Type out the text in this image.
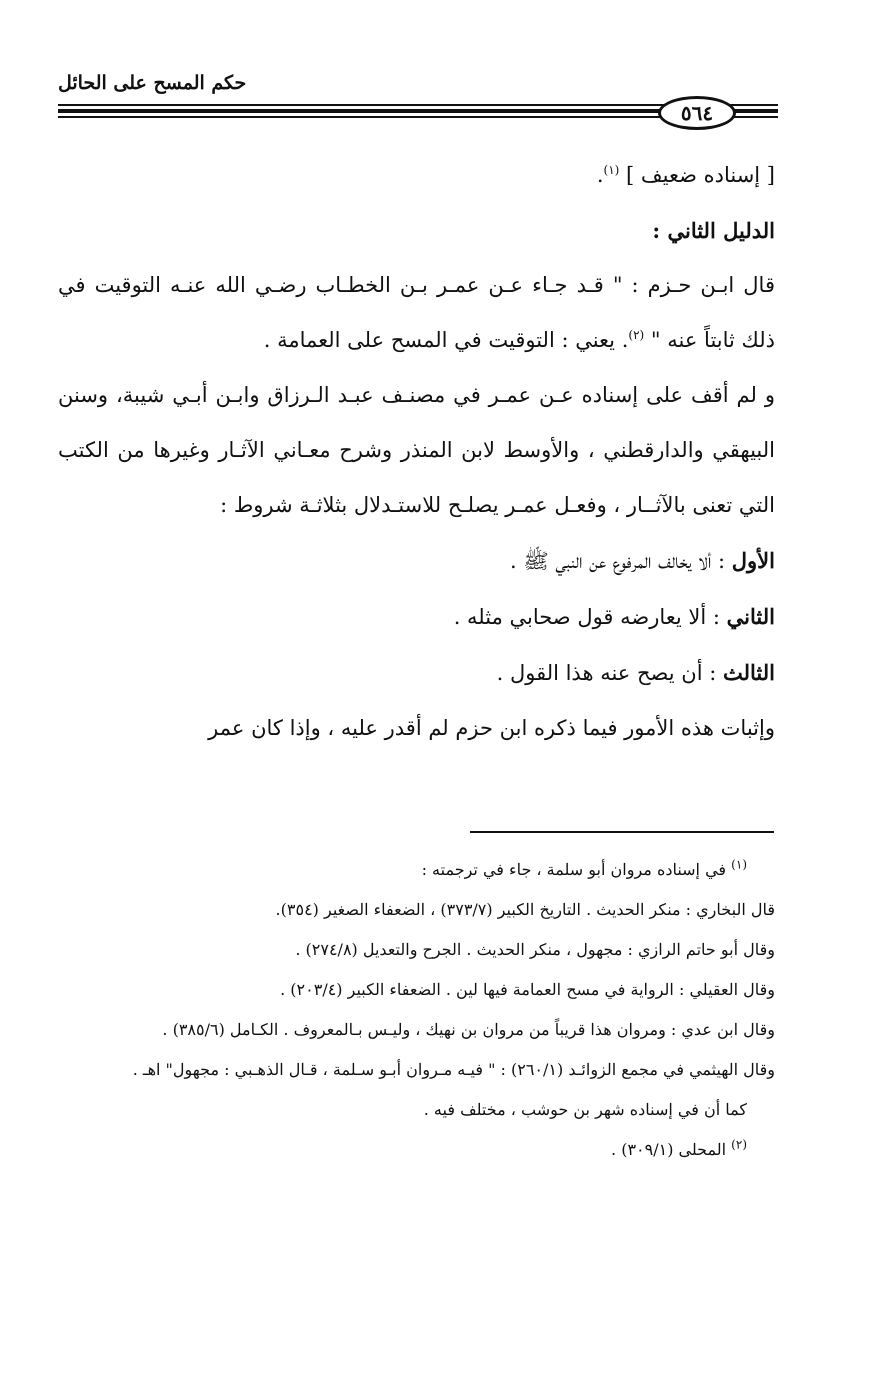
حكم المسح على الحائل
٥٦٤

[ إسناده ضعيف ] $^{(١)}$.

الدليل الثاني :

قال ابـن حـزم : " قـد جـاء عـن عمـر بـن الخطـاب رضـي الله عنـه التوقيت في ذلك ثابتاً عنه " $^{(٢)}$. يعني : التوقيت في المسح على العمامة .

و لم أقف على إسناده عـن عمـر في مصنـف عبـد الـرزاق وابـن أبـي شيبة، وسنن البيهقي والدارقطني ، والأوسط لابن المنذر وشرح معـاني الآثـار وغيرها من الكتب التي تعنى بالآثــار ، وفعـل عمـر يصلـح للاستـدلال بثلاثـة شروط :

الأول : ألا يخالف المرفوع عن النبي ﷺ .

الثاني : ألا يعارضه قول صحابي مثله .

الثالث : أن يصح عنه هذا القول .

وإثبات هذه الأمور فيما ذكره ابن حزم لم أقدر عليه ، وإذا كان عمر

$^{(١)}$ في إسناده مروان أبو سلمة ، جاء في ترجمته :

قال البخاري : منكر الحديث . التاريخ الكبير (٣٧٣/٧) ، الضعفاء الصغير (٣٥٤).

وقال أبو حاتم الرازي : مجهول ، منكر الحديث . الجرح والتعديل (٢٧٤/٨) .

وقال العقيلي : الرواية في مسح العمامة فيها لين . الضعفاء الكبير (٢٠٣/٤) .

وقال ابن عدي : ومروان هذا قريباً من مروان بن نهيك ، وليـس بـالمعروف . الكـامل (٣٨٥/٦) .

وقال الهيثمي في مجمع الزوائـد (٢٦٠/١) : " فيـه مـروان أبـو سـلمة ، قـال الذهـبي : مجهول" اهـ .

كما أن في إسناده شهر بن حوشب ، مختلف فيه .

$^{(٢)}$ المحلى (٣٠٩/١) .
